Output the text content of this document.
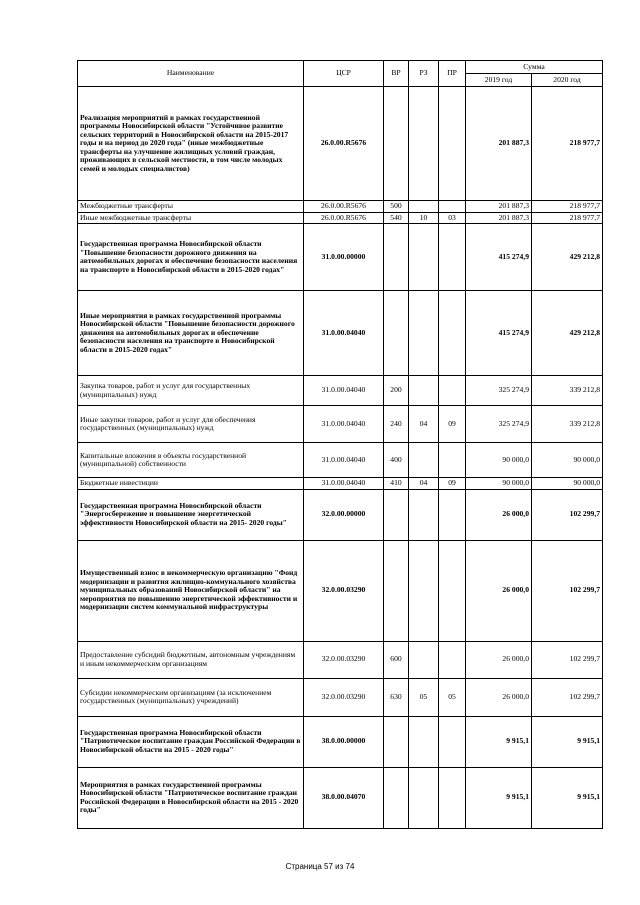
Наименование	ЦСР	ВР	РЗ	ПР	Сумма	
					2019 год	2020 год
Реализация мероприятий в рамках государственной программы Новосибирской области "Устойчивое развитие сельских территорий в Новосибирской области на 2015-2017 годы и на период до 2020 года" (иные межбюджетные трансферты на улучшение жилищных условий граждан, проживающих в сельской местности, в том числе молодых семей и молодых специалистов)	26.0.00.R5676				201 887,3	218 977,7
Межбюджетные трансферты	26.0.00.R5676	500			201 887,3	218 977,7
Иные межбюджетные трансферты	26.0.00.R5676	540	10	03	201 887,3	218 977,7
Государственная программа Новосибирской области "Повышение безопасности дорожного движения на автомобильных дорогах и обеспечение безопасности населения на транспорте в Новосибирской области в 2015-2020 годах"	31.0.00.00000				415 274,9	429 212,8
Иные мероприятия в рамках государственной программы Новосибирской области "Повышение безопасности дорожного движения на автомобильных дорогах и обеспечение безопасности населения на транспорте в Новосибирской области в 2015-2020 годах"	31.0.00.04040				415 274,9	429 212,8
Закупка товаров, работ и услуг для государственных (муниципальных) нужд	31.0.00.04040	200			325 274,9	339 212,8
Иные закупки товаров, работ и услуг для обеспечения государственных (муниципальных) нужд	31.0.00.04040	240	04	09	325 274,9	339 212,8
Капитальные вложения в объекты государственной (муниципальной) собственности	31.0.00.04040	400			90 000,0	90 000,0
Бюджетные инвестиции	31.0.00.04040	410	04	09	90 000,0	90 000,0
Государственная программа Новосибирской области "Энергосбережение и повышение энергетической эффективности Новосибирской области на 2015- 2020 годы"	32.0.00.00000				26 000,0	102 299,7
Имущественный взнос в некоммерческую организацию "Фонд модернизации и развития жилищно-коммунального хозяйства муниципальных образований Новосибирской области" на мероприятия по повышению энергетической эффективности и модернизации систем коммунальной инфраструктуры	32.0.00.03290				26 000,0	102 299,7
Предоставление субсидий бюджетным, автономным учреждениям и иным некоммерческим организациям	32.0.00.03290	600			26 000,0	102 299,7
Субсидии некоммерческим организациям (за исключением государственных (муниципальных) учреждений)	32.0.00.03290	630	05	05	26 000,0	102 299,7
Государственная программа Новосибирской области "Патриотическое воспитание граждан Российской Федерации в Новосибирской области на 2015 - 2020 годы"	38.0.00.00000				9 915,1	9 915,1
Мероприятия в рамках государственной программы Новосибирской области "Патриотическое воспитание граждан Российской Федерации в Новосибирской области на 2015 - 2020 годы"	38.0.00.04070				9 915,1	9 915,1
Страница 57 из 74
